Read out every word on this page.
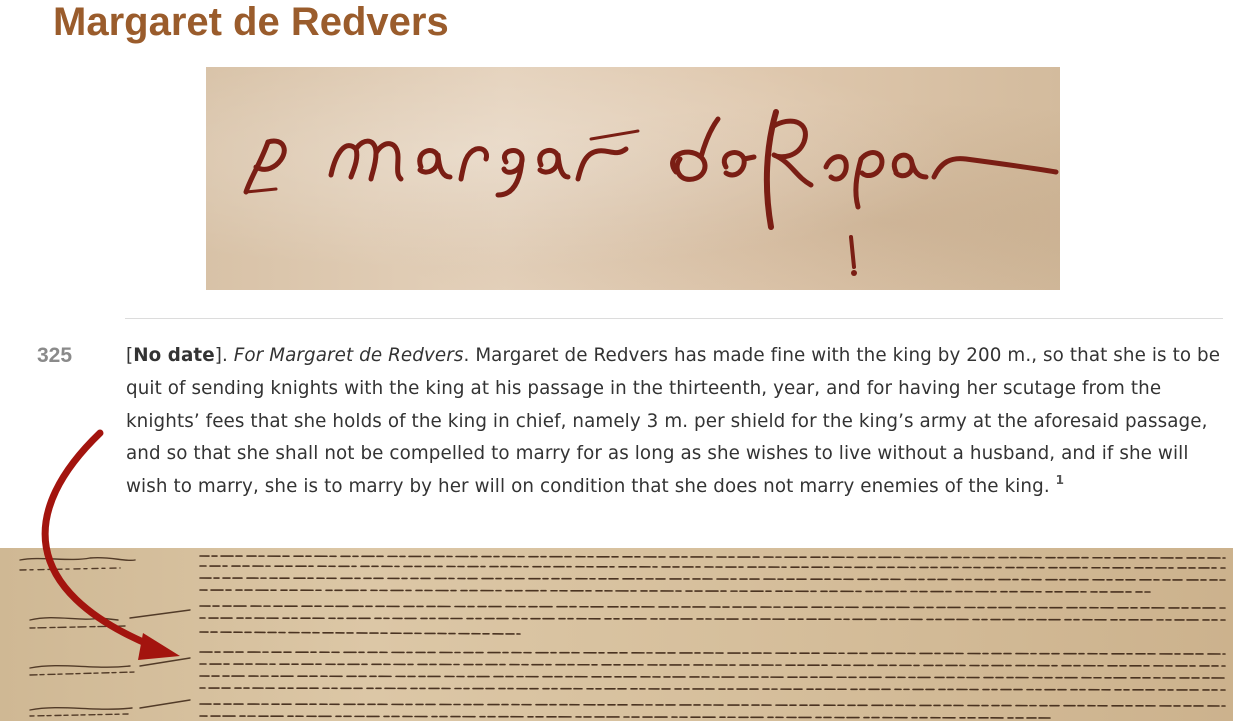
Margaret de Redvers
325	[No date]. For Margaret de Redvers. Margaret de Redvers has made fine with the king by 200 m., so that she is to be quit of sending knights with the king at his passage in the thirteenth, year, and for having her scutage from the knights’ fees that she holds of the king in chief, namely 3 m. per shield for the king’s army at the aforesaid passage, and so that she shall not be compelled to marry for as long as she wishes to live without a husband, and if she will wish to marry, she is to marry by her will on condition that she does not marry enemies of the king. $^1$
